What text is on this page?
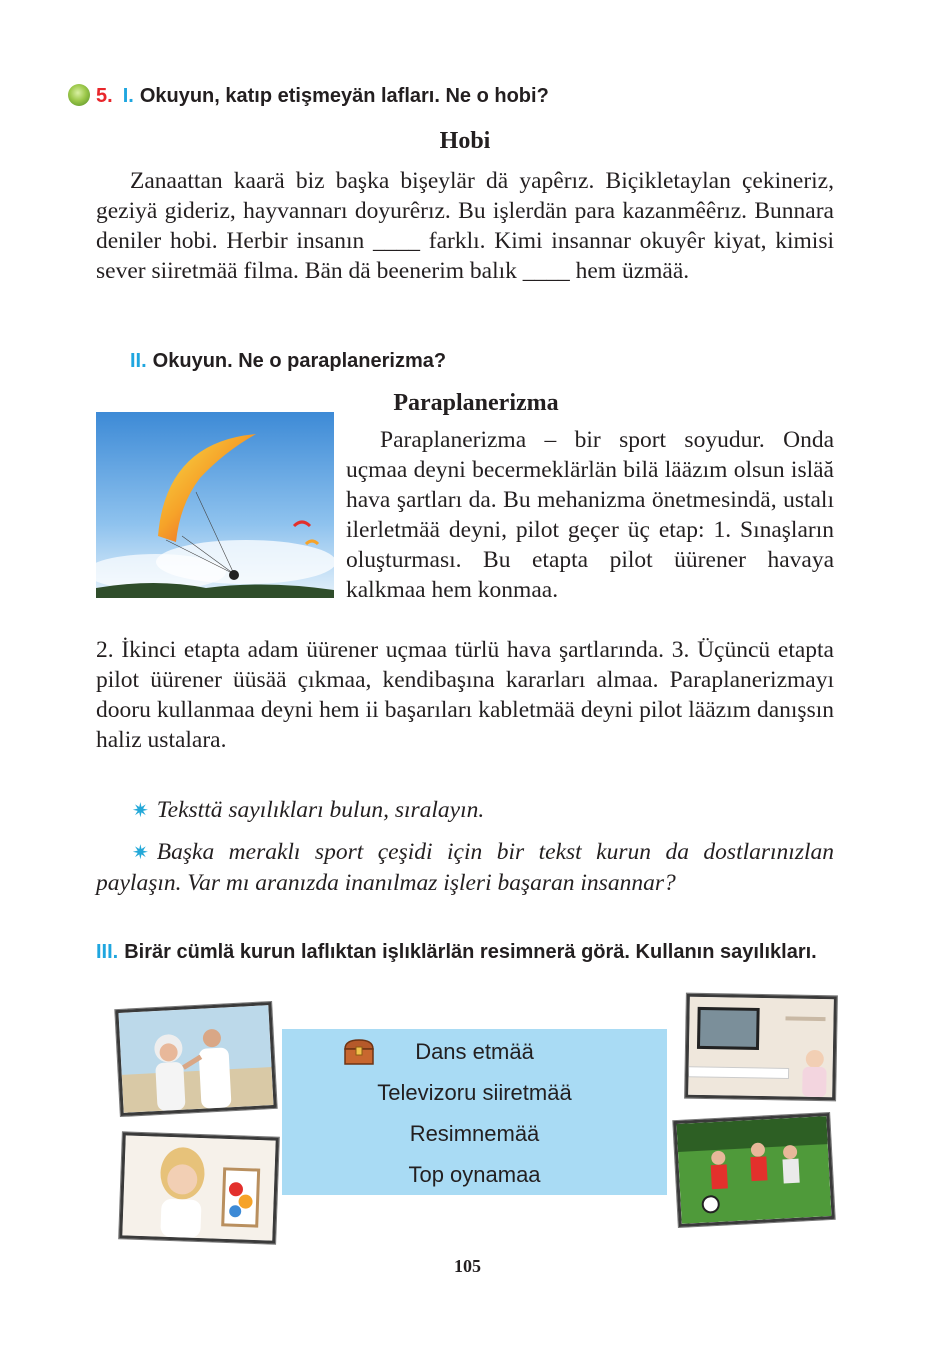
5. I. Okuyun, katıp etişmeyän lafları. Ne o hobi?
Hobi
Zanaattan kaarä biz başka bişeylär dä yapêrız. Biçikletaylan çekineriz, geziyä gideriz, hayvannarı doyurêrız. Bu işlerdän para kazanmêêrız. Bunnara deniler hobi. Herbir insanın ____ farklı. Kimi insannar okuyêr kiyat, kimisi sever siiretmää filma. Bän dä beenerim balık ____ hem üzmää.
II. Okuyun. Ne o paraplanerizma?
Paraplanerizma
Paraplanerizma – bir sport soyudur. Onda uçmaa deyni becermeklärlän bilä lääzım olsun isläă hava şartları da. Bu mehanizma önetmesindä, ustalı ilerletmää deyni, pilot geçer üç etap: 1. Sınaşların oluşturması. Bu etapta pilot üürener havaya kalkmaa hem konmaa.
2. İkinci etapta adam üürener uçmaa türlü hava şartlarında. 3. Üçüncü etapta pilot üürener üüsää çıkmaa, kendibaşına kararları almaa. Paraplanerizmayı dooru kullanmaa deyni hem ii başarıları kabletmää deyni pilot lääzım danışsın haliz ustalara.
✷ Teksttä sayılıkları bulun, sıralayın.
✷ Başka meraklı sport çeşidi için bir tekst kurun da dostlarınızlan paylaşın. Var mı aranızda inanılmaz işleri başaran insannar?
III. Birär cümlä kurun laflıktan işlıklärlän resimnerä görä. Kullanın sayılıkları.
Dans etmää
Televizoru siiretmää
Resimnemää
Top oynamaa
105
